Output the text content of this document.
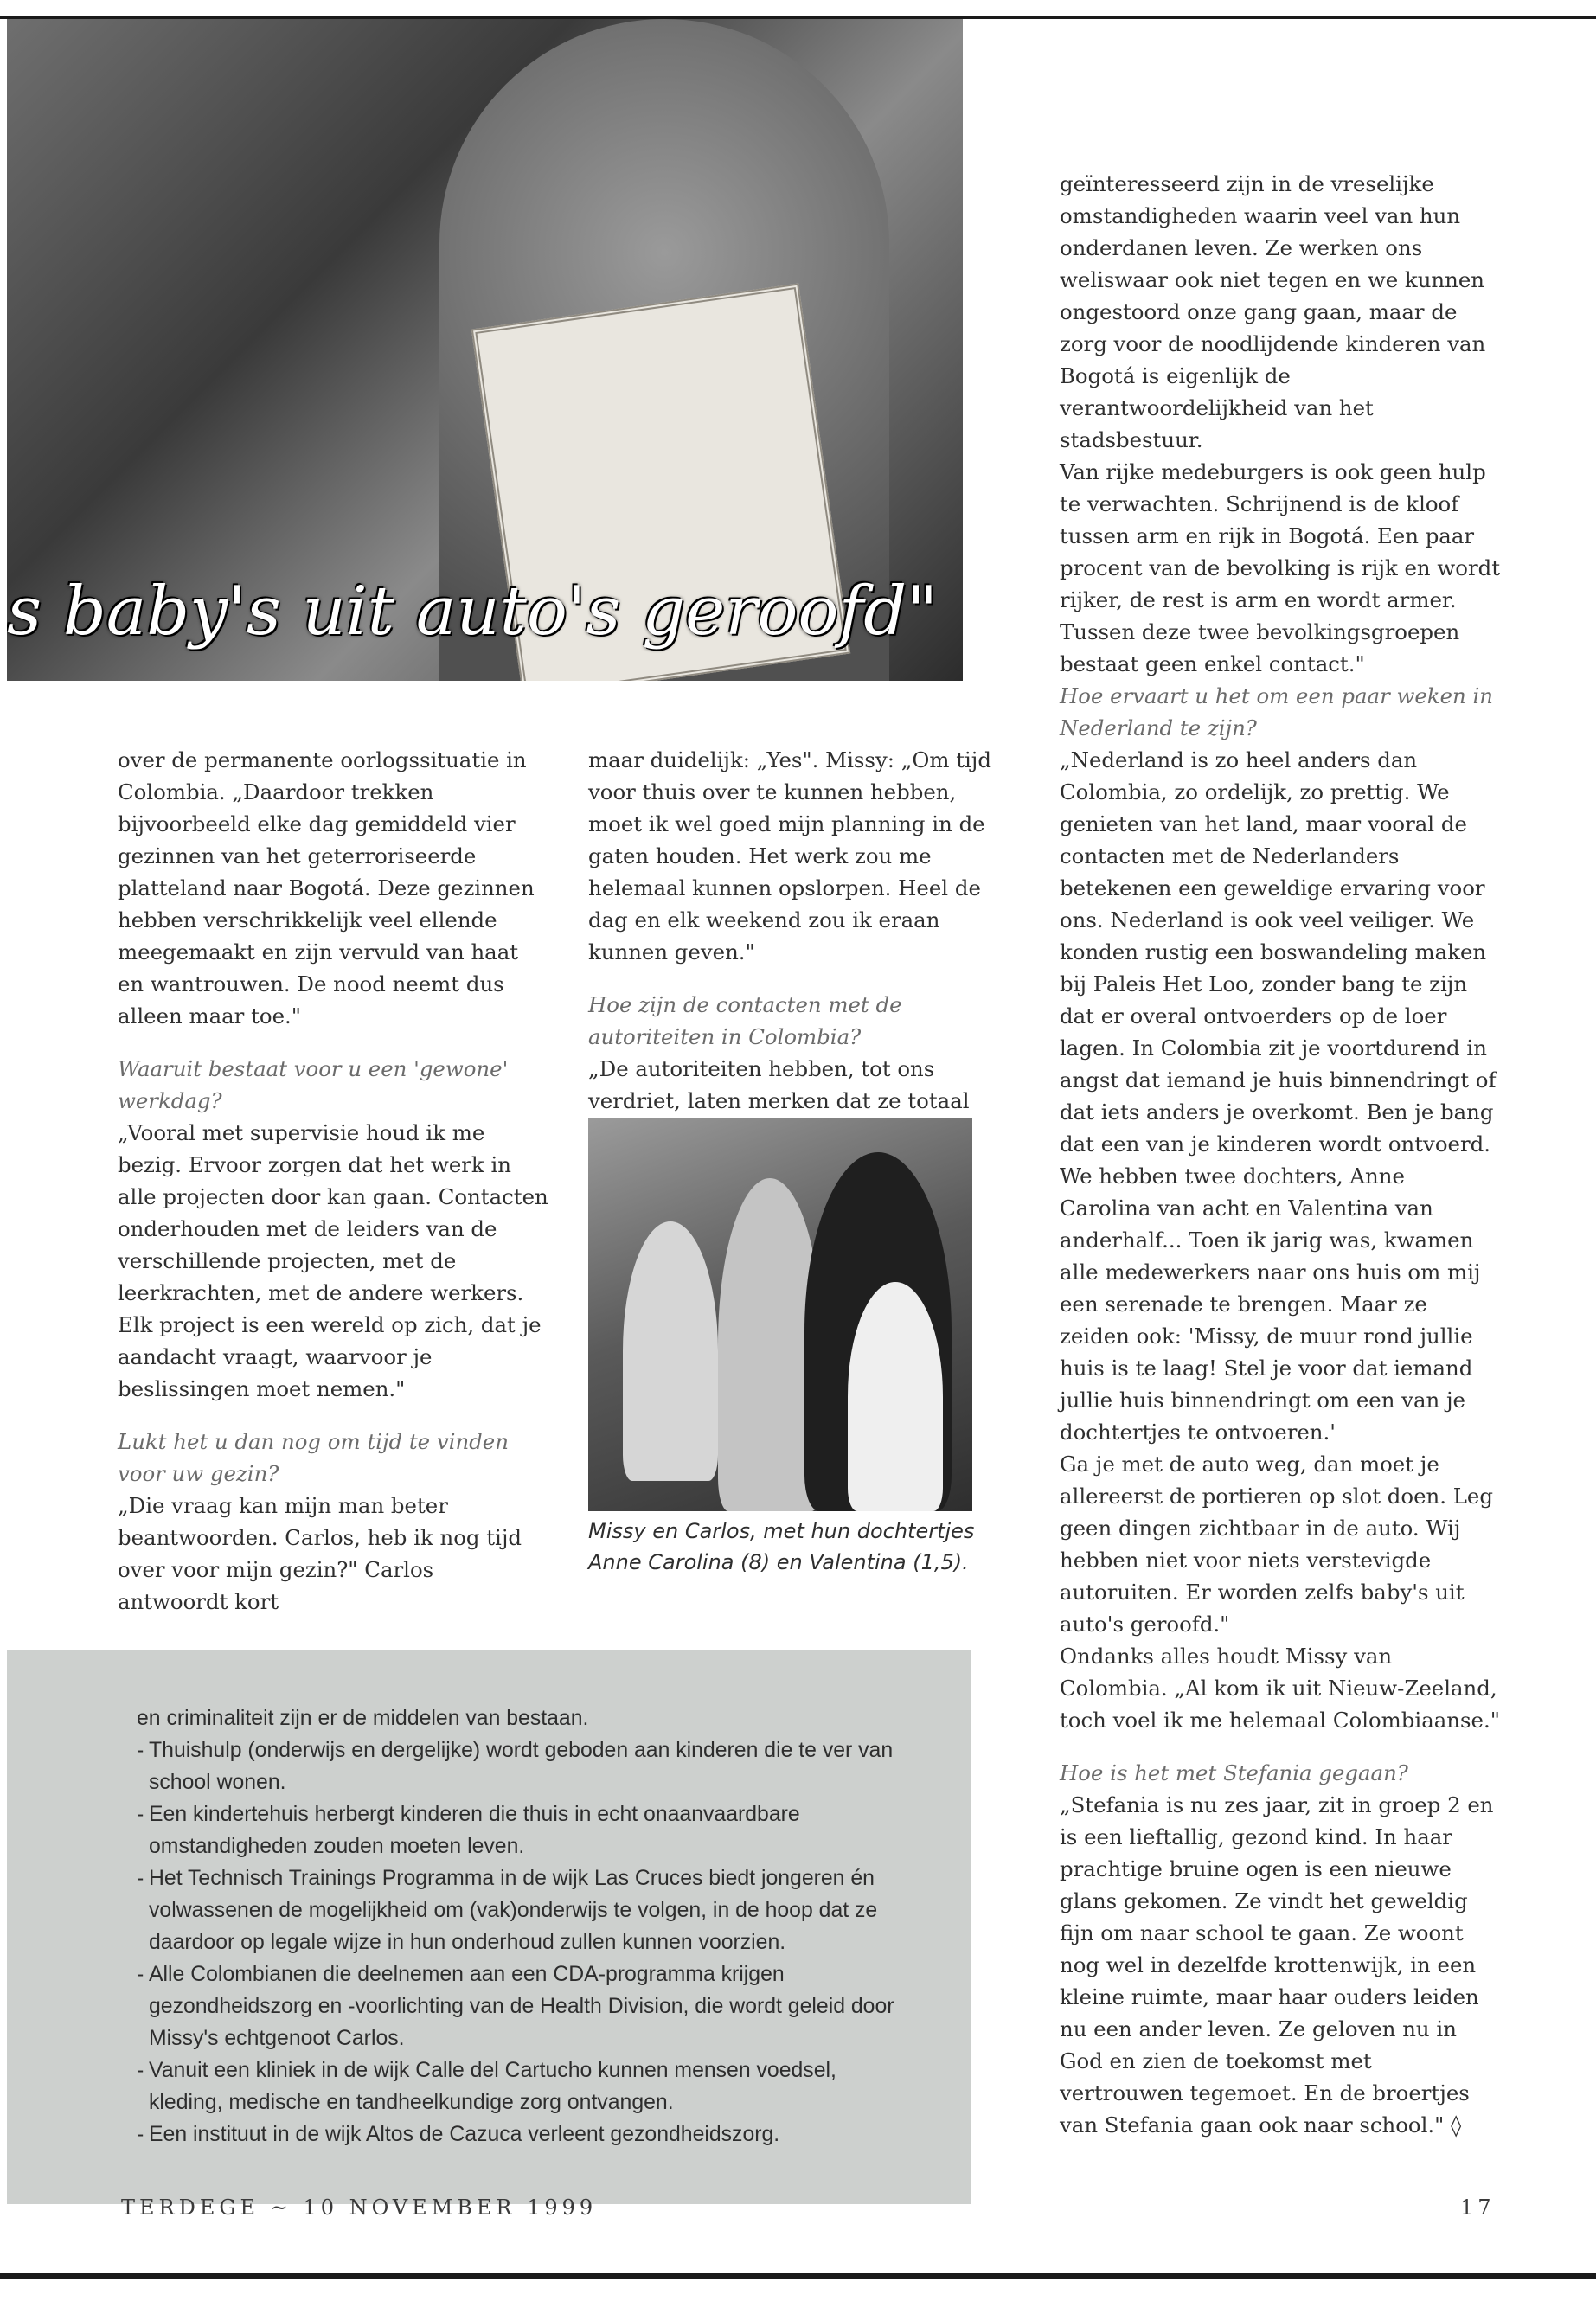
s baby's uit auto's geroofd"

over de permanente oorlogssituatie in Colombia. „Daardoor trekken bijvoorbeeld elke dag gemiddeld vier gezinnen van het geterroriseerde platteland naar Bogotá. Deze gezinnen hebben verschrikkelijk veel ellende meegemaakt en zijn vervuld van haat en wantrouwen. De nood neemt dus alleen maar toe."

Waaruit bestaat voor u een 'gewone' werkdag?

„Vooral met supervisie houd ik me bezig. Ervoor zorgen dat het werk in alle projecten door kan gaan. Contacten onderhouden met de leiders van de verschillende projecten, met de leerkrachten, met de andere werkers. Elk project is een wereld op zich, dat je aandacht vraagt, waarvoor je beslissingen moet nemen."

Lukt het u dan nog om tijd te vinden voor uw gezin?

„Die vraag kan mijn man beter beantwoorden. Carlos, heb ik nog tijd over voor mijn gezin?" Carlos antwoordt kort

maar duidelijk: „Yes". Missy: „Om tijd voor thuis over te kunnen hebben, moet ik wel goed mijn planning in de gaten houden. Het werk zou me helemaal kunnen opslorpen. Heel de dag en elk weekend zou ik eraan kunnen geven."

Hoe zijn de contacten met de autoriteiten in Colombia?

„De autoriteiten hebben, tot ons verdriet, laten merken dat ze totaal

geïnteresseerd zijn in de vreselijke omstandigheden waarin veel van hun onderdanen leven. Ze werken ons weliswaar ook niet tegen en we kunnen ongestoord onze gang gaan, maar de zorg voor de noodlijdende kinderen van Bogotá is eigenlijk de verantwoordelijkheid van het stadsbestuur.

Van rijke medeburgers is ook geen hulp te verwachten. Schrijnend is de kloof tussen arm en rijk in Bogotá. Een paar procent van de bevolking is rijk en wordt rijker, de rest is arm en wordt armer. Tussen deze twee bevolkingsgroepen bestaat geen enkel contact."

Hoe ervaart u het om een paar weken in Nederland te zijn?

„Nederland is zo heel anders dan Colombia, zo ordelijk, zo prettig. We genieten van het land, maar vooral de contacten met de Nederlanders betekenen een geweldige ervaring voor ons. Nederland is ook veel veiliger. We konden rustig een boswandeling maken bij Paleis Het Loo, zonder bang te zijn dat er overal ontvoerders op de loer lagen. In Colombia zit je voortdurend in angst dat iemand je huis binnendringt of dat iets anders je overkomt. Ben je bang dat een van je kinderen wordt ontvoerd. We hebben twee dochters, Anne Carolina van acht en Valentina van anderhalf... Toen ik jarig was, kwamen alle medewerkers naar ons huis om mij een serenade te brengen. Maar ze zeiden ook: 'Missy, de muur rond jullie huis is te laag! Stel je voor dat iemand jullie huis binnendringt om een van je dochtertjes te ontvoeren.'

Ga je met de auto weg, dan moet je allereerst de portieren op slot doen. Leg geen dingen zichtbaar in de auto. Wij hebben niet voor niets verstevigde autoruiten. Er worden zelfs baby's uit auto's geroofd."

Ondanks alles houdt Missy van Colombia. „Al kom ik uit Nieuw-Zeeland, toch voel ik me helemaal Colombiaanse."

Hoe is het met Stefania gegaan?

„Stefania is nu zes jaar, zit in groep 2 en is een lieftallig, gezond kind. In haar prachtige bruine ogen is een nieuwe glans gekomen. Ze vindt het geweldig fijn om naar school te gaan. Ze woont nog wel in dezelfde krottenwijk, in een kleine ruimte, maar haar ouders leiden nu een ander leven. Ze geloven nu in God en zien de toekomst met vertrouwen tegemoet. En de broertjes van Stefania gaan ook naar school." ◊

Missy en Carlos, met hun dochtertjes Anne Carolina (8) en Valentina (1,5).

en criminaliteit zijn er de middelen van bestaan.

- Thuishulp (onderwijs en dergelijke) wordt geboden aan kinderen die te ver van school wonen.
- Een kindertehuis herbergt kinderen die thuis in echt onaanvaardbare omstandigheden zouden moeten leven.
- Het Technisch Trainings Programma in de wijk Las Cruces biedt jongeren én volwassenen de mogelijkheid om (vak)onderwijs te volgen, in de hoop dat ze daardoor op legale wijze in hun onderhoud zullen kunnen voorzien.
- Alle Colombianen die deelnemen aan een CDA-programma krijgen gezondheidszorg en -voorlichting van de Health Division, die wordt geleid door Missy's echtgenoot Carlos.
- Vanuit een kliniek in de wijk Calle del Cartucho kunnen mensen voedsel, kleding, medische en tandheelkundige zorg ontvangen.
- Een instituut in de wijk Altos de Cazuca verleent gezondheidszorg.
TERDEGE ~ 10 NOVEMBER 1999	17
